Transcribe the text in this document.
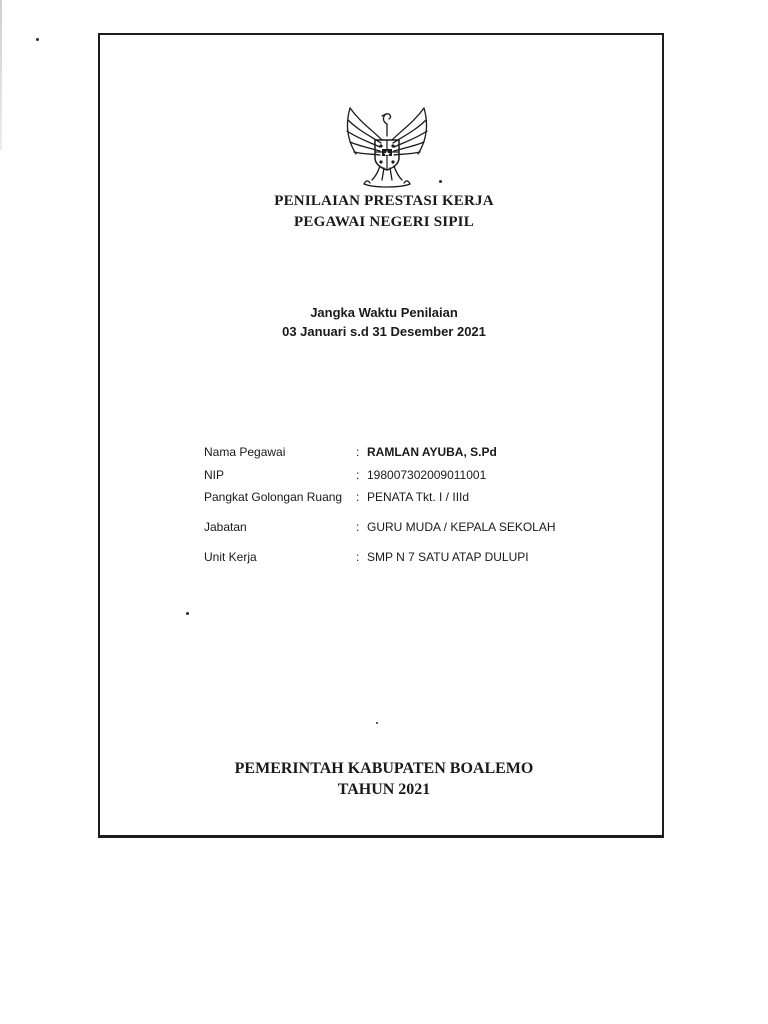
PENILAIAN PRESTASI KERJA
PEGAWAI NEGERI SIPIL
Jangka Waktu Penilaian
03 Januari s.d 31 Desember 2021
Nama Pegawai	: RAMLAN AYUBA, S.Pd
NIP	: 198007302009011001
Pangkat Golongan Ruang : PENATA Tkt. I / IIId
Jabatan	: GURU MUDA / KEPALA SEKOLAH
Unit Kerja	: SMP N 7 SATU ATAP DULUPI
PEMERINTAH KABUPATEN BOALEMO
TAHUN 2021
